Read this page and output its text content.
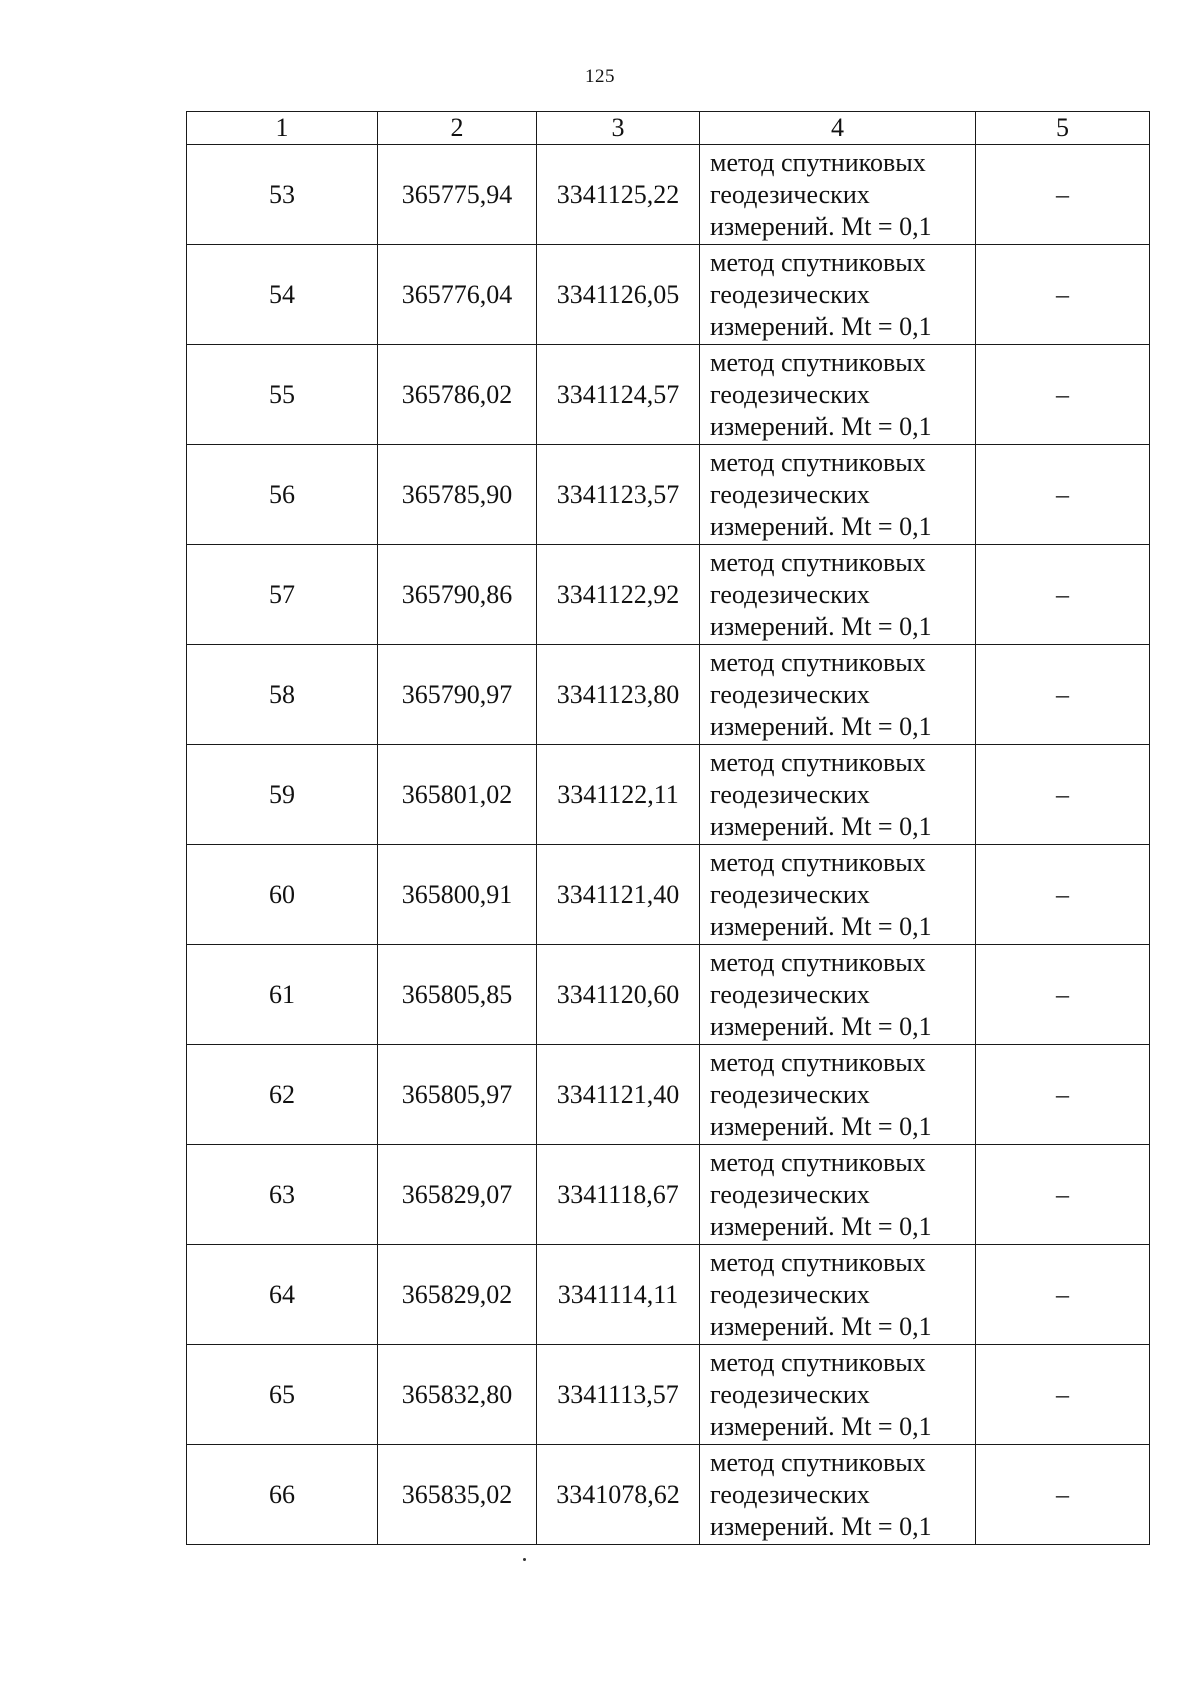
125
1	2	3	4	5
53	365775,94	3341125,22	метод спутниковых
геодезических
измерений. Mt = 0,1	–
54	365776,04	3341126,05	метод спутниковых
геодезических
измерений. Mt = 0,1	–
55	365786,02	3341124,57	метод спутниковых
геодезических
измерений. Mt = 0,1	–
56	365785,90	3341123,57	метод спутниковых
геодезических
измерений. Mt = 0,1	–
57	365790,86	3341122,92	метод спутниковых
геодезических
измерений. Mt = 0,1	–
58	365790,97	3341123,80	метод спутниковых
геодезических
измерений. Mt = 0,1	–
59	365801,02	3341122,11	метод спутниковых
геодезических
измерений. Mt = 0,1	–
60	365800,91	3341121,40	метод спутниковых
геодезических
измерений. Mt = 0,1	–
61	365805,85	3341120,60	метод спутниковых
геодезических
измерений. Mt = 0,1	–
62	365805,97	3341121,40	метод спутниковых
геодезических
измерений. Mt = 0,1	–
63	365829,07	3341118,67	метод спутниковых
геодезических
измерений. Mt = 0,1	–
64	365829,02	3341114,11	метод спутниковых
геодезических
измерений. Mt = 0,1	–
65	365832,80	3341113,57	метод спутниковых
геодезических
измерений. Mt = 0,1	–
66	365835,02	3341078,62	метод спутниковых
геодезических
измерений. Mt = 0,1	–
